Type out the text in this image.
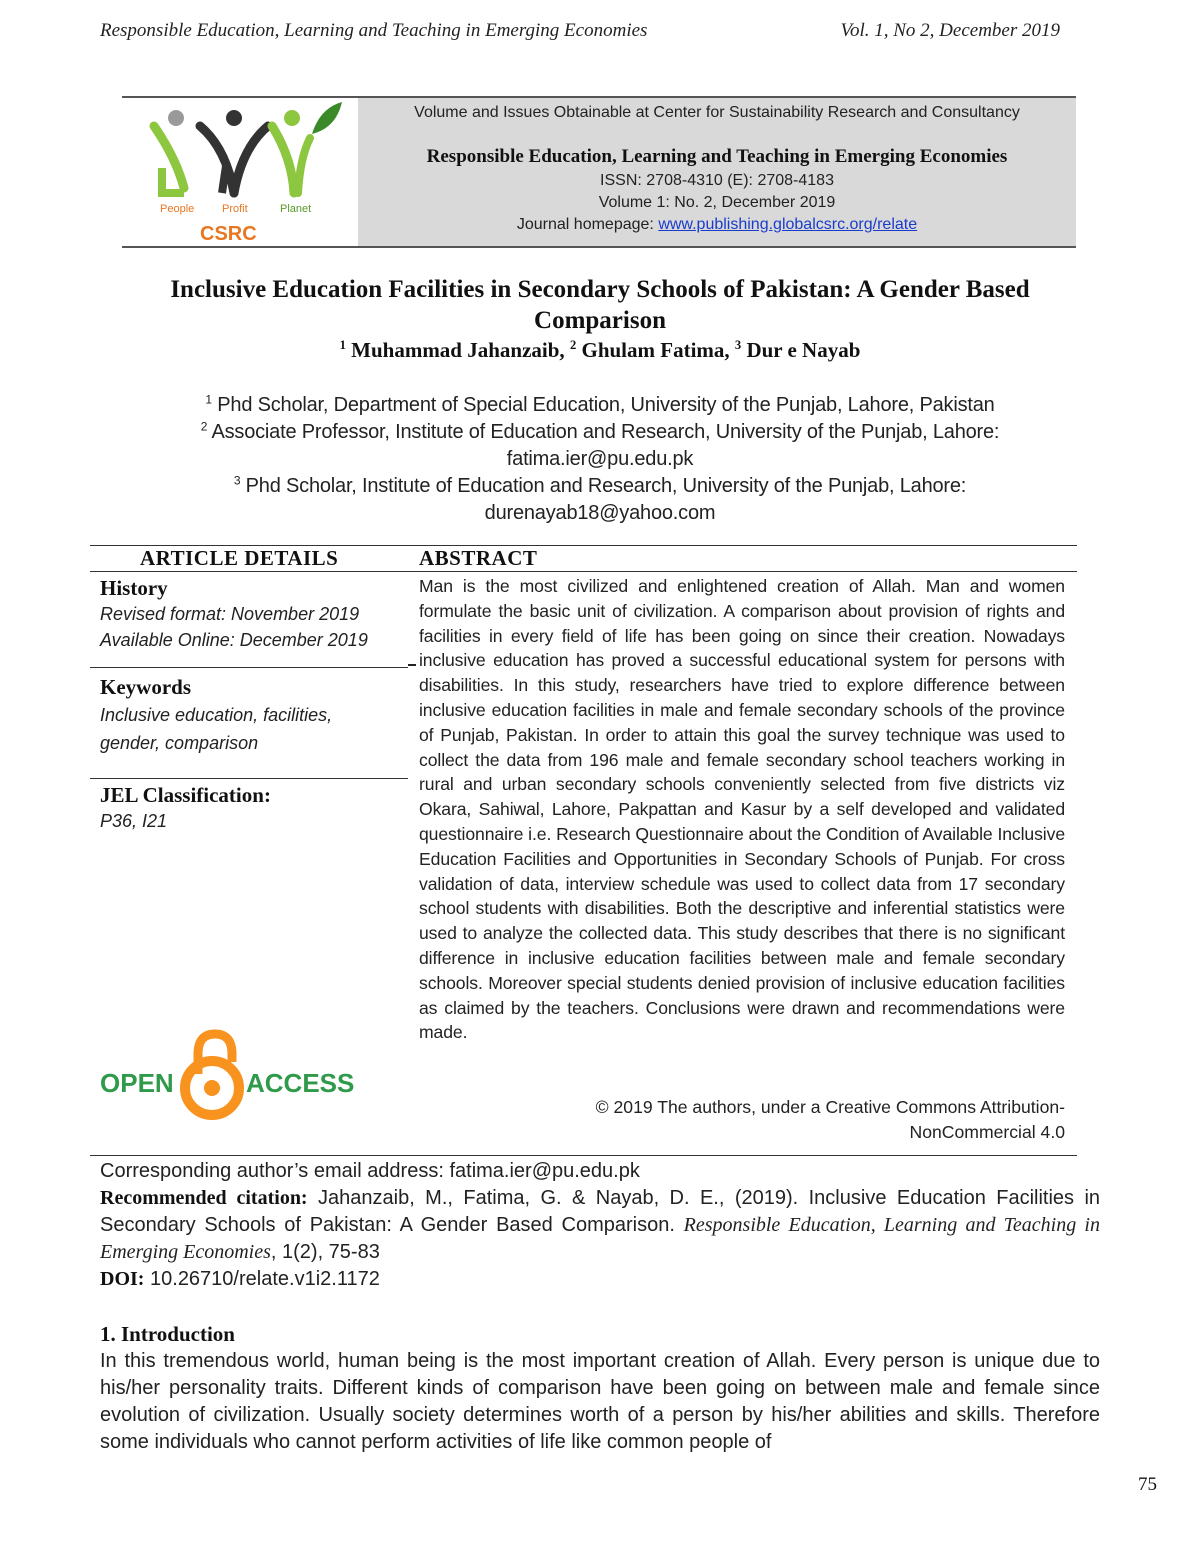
Responsible Education, Learning and Teaching in Emerging Economies	Vol. 1, No 2, December 2019
People	Profit	Planet
CSRC
Volume and Issues Obtainable at Center for Sustainability Research and Consultancy
Responsible Education, Learning and Teaching in Emerging Economies
ISSN: 2708-4310 (E): 2708-4183
Volume 1: No. 2, December 2019
Journal homepage: www.publishing.globalcsrc.org/relate
Inclusive Education Facilities in Secondary Schools of Pakistan: A Gender Based Comparison
$^1$ Muhammad Jahanzaib, $^2$ Ghulam Fatima, $^3$ Dur e Nayab
$^1$ Phd Scholar, Department of Special Education, University of the Punjab, Lahore, Pakistan
$^2$ Associate Professor, Institute of Education and Research, University of the Punjab, Lahore:
fatima.ier@pu.edu.pk
$^3$ Phd Scholar, Institute of Education and Research, University of the Punjab, Lahore:
durenayab18@yahoo.com
ARTICLE DETAILS	ABSTRACT
History
Revised format: November 2019
Available Online: December 2019
Keywords
Inclusive education, facilities,
gender, comparison
JEL Classification:
P36, I21
OPEN	ACCESS
Man is the most civilized and enlightened creation of Allah. Man and women formulate the basic unit of civilization. A comparison about provision of rights and facilities in every field of life has been going on since their creation. Nowadays inclusive education has proved a successful educational system for persons with disabilities. In this study, researchers have tried to explore difference between inclusive education facilities in male and female secondary schools of the province of Punjab, Pakistan. In order to attain this goal the survey technique was used to collect the data from 196 male and female secondary school teachers working in rural and urban secondary schools conveniently selected from five districts viz Okara, Sahiwal, Lahore, Pakpattan and Kasur by a self developed and validated questionnaire i.e. Research Questionnaire about the Condition of Available Inclusive Education Facilities and Opportunities in Secondary Schools of Punjab. For cross validation of data, interview schedule was used to collect data from 17 secondary school students with disabilities. Both the descriptive and inferential statistics were used to analyze the collected data. This study describes that there is no significant difference in inclusive education facilities between male and female secondary schools. Moreover special students denied provision of inclusive education facilities as claimed by the teachers. Conclusions were drawn and recommendations were made.
© 2019 The authors, under a Creative Commons Attribution-
NonCommercial 4.0
Corresponding author’s email address: fatima.ier@pu.edu.pk
Recommended citation: Jahanzaib, M., Fatima, G. & Nayab, D. E., (2019). Inclusive Education Facilities in Secondary Schools of Pakistan: A Gender Based Comparison. Responsible Education, Learning and Teaching in Emerging Economies, 1(2), 75-83
DOI: 10.26710/relate.v1i2.1172
1. Introduction
In this tremendous world, human being is the most important creation of Allah. Every person is unique due to his/her personality traits. Different kinds of comparison have been going on between male and female since evolution of civilization. Usually society determines worth of a person by his/her abilities and skills. Therefore some individuals who cannot perform activities of life like common people of
75
